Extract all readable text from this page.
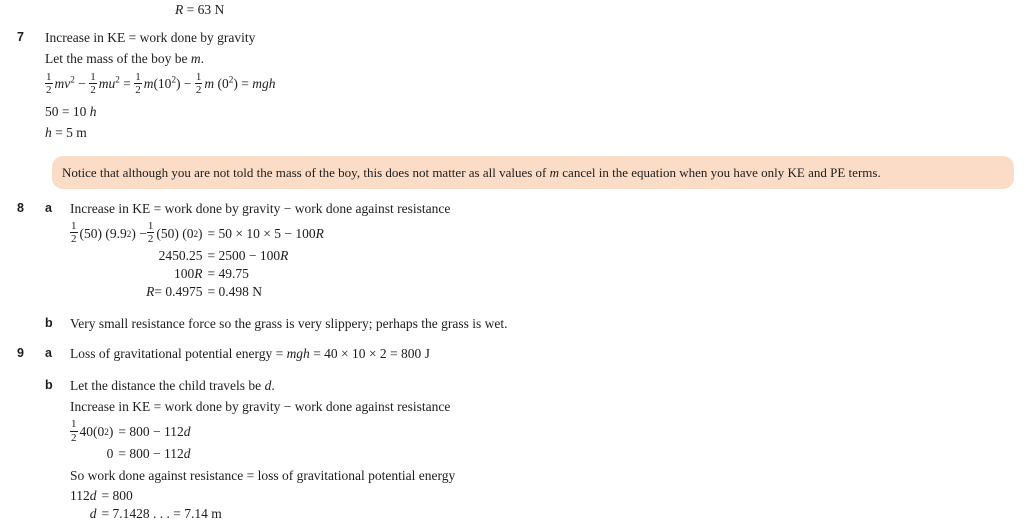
R = 63 N
7	Increase in KE = work done by gravity
Let the mass of the boy be m.
$\frac{1}{2} mv^2 - \frac{1}{2} mu^2 = \frac{1}{2} m(10^2) - \frac{1}{2}$ m $(0^2)$ = mgh
50 = 10 h
h = 5 m

Notice that although you are not told the mass of the boy, this does not matter as all values of m cancel in the equation when you have only KE and PE terms.

8	a	Increase in KE = work done by gravity − work done against resistance
$\frac{1}{2} (50)$ (9.9 2 ) − $\frac{1}{2} (50)$ (0 2 ) = 50 × 10 × 5 − 100 R
2450.25 = 2500 − 100 R
100 R = 49.75
R = 0.4975 = 0.498 N
b	Very small resistance force so the grass is very slippery; perhaps the grass is wet.
9	a	Loss of gravitational potential energy = mgh = 40 × 10 × 2 = 800 J
b	Let the distance the child travels be d.
Increase in KE = work done by gravity − work done against resistance
$\frac{1}{2} 40(0$ 2 ) = 800 − 112 d
0 = 800 − 112 d
So work done against resistance = loss of gravitational potential energy
112 d = 800
d = 7.1428 . . . = 7.14 m
